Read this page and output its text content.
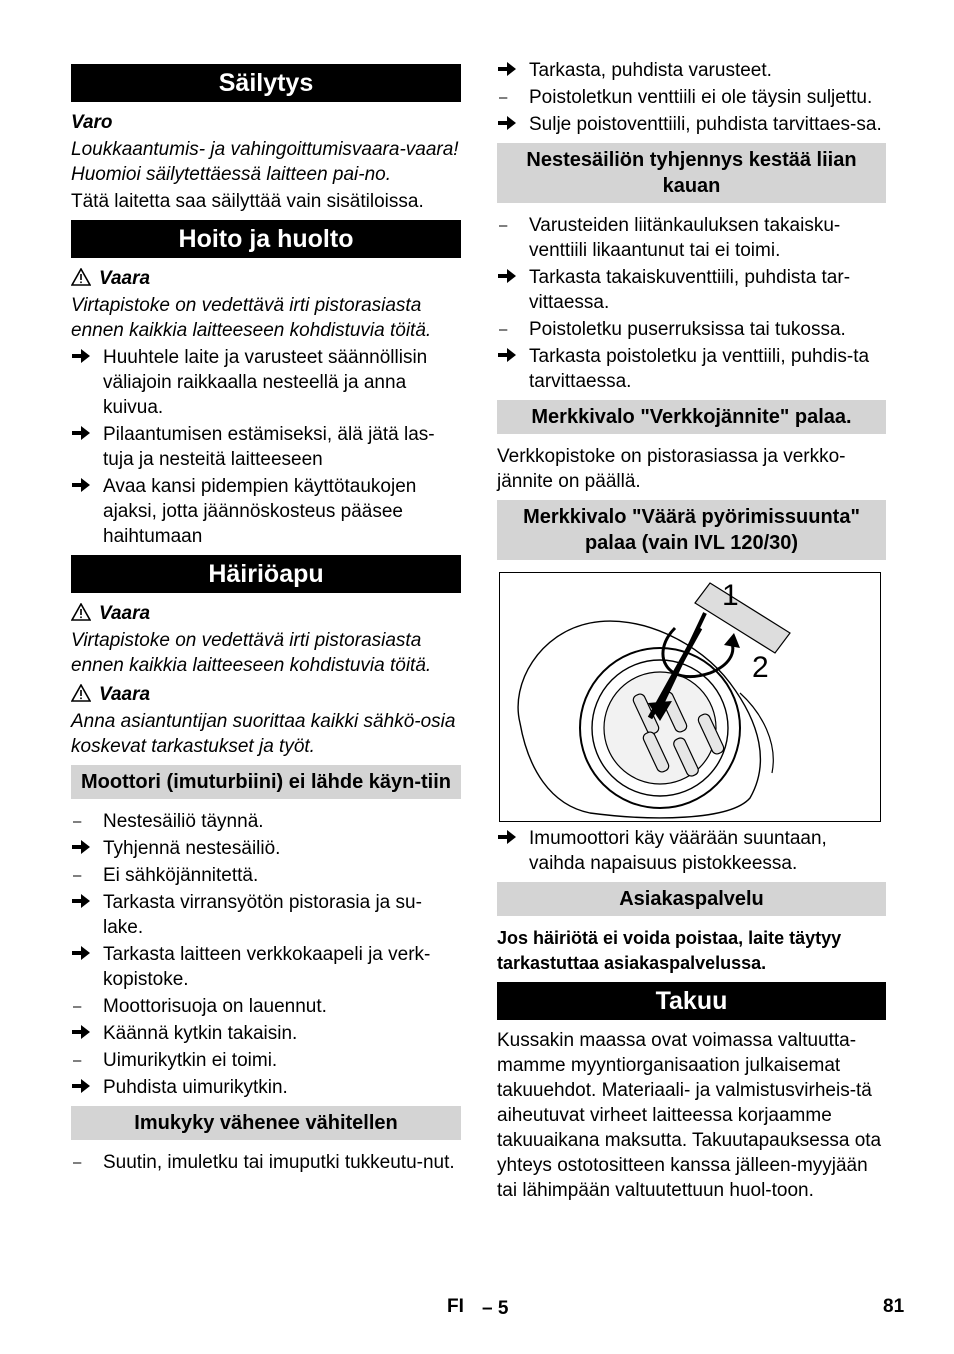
Säilytys
Varo
Loukkaantumis- ja vahingoittumisvaara-vaara! Huomioi säilytettäessä laitteen pai-no.
Tätä laitetta saa säilyttää vain sisätiloissa.
Hoito ja huolto
Vaara
Virtapistoke on vedettävä irti pistorasiasta ennen kaikkia laitteeseen kohdistuvia töitä.
Huuhtele laite ja varusteet säännöllisin väliajoin raikkaalla nesteellä ja anna kuivua.
Pilaantumisen estämiseksi, älä jätä las-tuja ja nesteitä laitteeseen
Avaa kansi pidempien käyttötaukojen ajaksi, jotta jäännöskosteus pääsee haihtumaan
Häiriöapu
Vaara
Virtapistoke on vedettävä irti pistorasiasta ennen kaikkia laitteeseen kohdistuvia töitä.
Vaara
Anna asiantuntijan suorittaa kaikki sähkö-osia koskevat tarkastukset ja työt.
Moottori (imuturbiini) ei lähde käyn-tiin
–	Nestesäiliö täynnä.
Tyhjennä nestesäiliö.
–	Ei sähköjännitettä.
Tarkasta virransyötön pistorasia ja su-lake.
Tarkasta laitteen verkkokaapeli ja verk-kopistoke.
–	Moottorisuoja on lauennut.
Käännä kytkin takaisin.
–	Uimurikytkin ei toimi.
Puhdista uimurikytkin.
Imukyky vähenee vähitellen
–	Suutin, imuletku tai imuputki tukkeutu-nut.
Tarkasta, puhdista varusteet.
–	Poistoletkun venttiili ei ole täysin suljettu.
Sulje poistoventtiili, puhdista tarvittaes-sa.
Nestesäiliön tyhjennys kestää liian kauan
–	Varusteiden liitänkauluksen takaisku-venttiili likaantunut tai ei toimi.
Tarkasta takaiskuventtiili, puhdista tar-vittaessa.
–	Poistoletku puserruksissa tai tukossa.
Tarkasta poistoletku ja venttiili, puhdis-ta tarvittaessa.
Merkkivalo "Verkkojännite" palaa.
Verkkopistoke on pistorasiassa ja verkko-jännite on päällä.
Merkkivalo "Väärä pyörimissuunta" palaa (vain IVL 120/30)
1
2
Imumoottori käy väärään suuntaan, vaihda napaisuus pistokkeessa.
Asiakaspalvelu
Jos häiriötä ei voida poistaa, laite täytyy tarkastuttaa asiakaspalvelussa.
Takuu
Kussakin maassa ovat voimassa valtuutta-mamme myyntiorganisaation julkaisemat takuuehdot. Materiaali- ja valmistusvirheis-tä aiheutuvat virheet laitteessa korjaamme takuuaikana maksutta. Takuutapauksessa ota yhteys ostotositteen kanssa jälleen-myyjään tai lähimpään valtuutettuun huol-toon.
FI – 5	81
